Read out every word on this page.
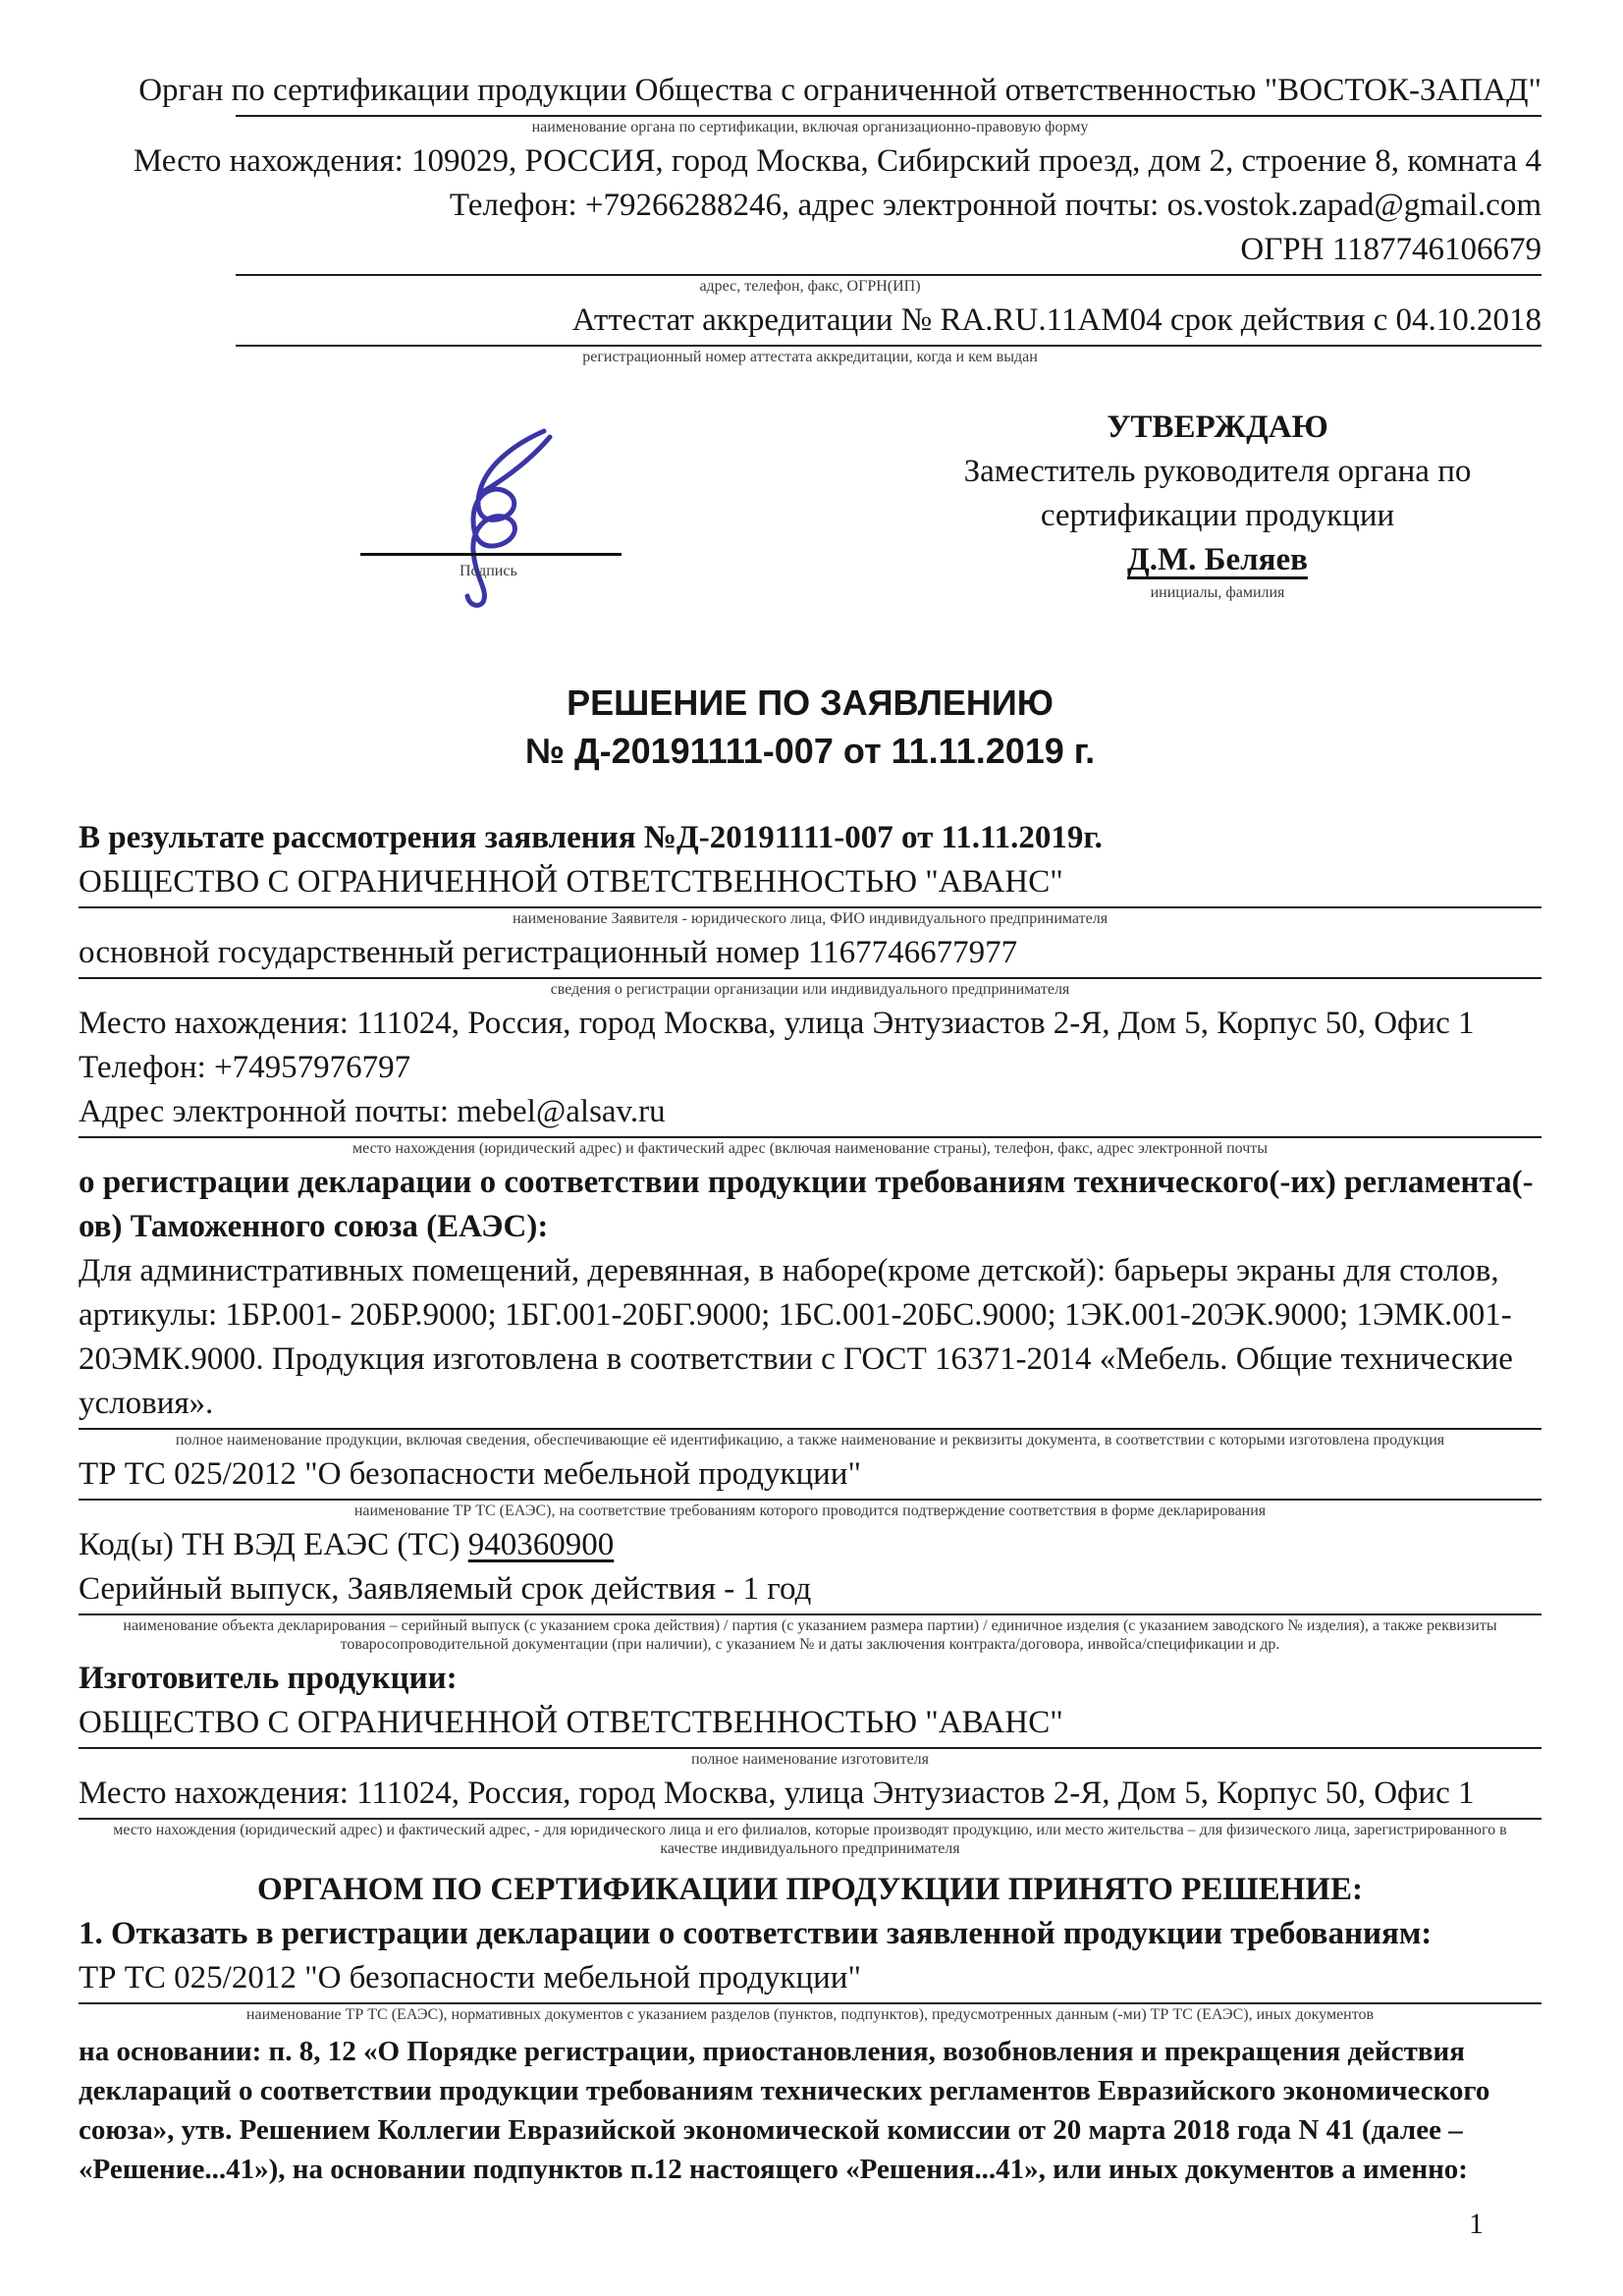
Орган по сертификации продукции Общества с ограниченной ответственностью "ВОСТОК-ЗАПАД"
наименование органа по сертификации, включая организационно-правовую форму
Место нахождения: 109029, РОССИЯ, город Москва, Сибирский проезд, дом 2, строение 8, комната 4
Телефон: +79266288246, адрес электронной почты: os.vostok.zapad@gmail.com
ОГРН 1187746106679
адрес, телефон, факс, ОГРН(ИП)
Аттестат аккредитации № RA.RU.11AM04 срок действия с 04.10.2018
регистрационный номер аттестата аккредитации, когда и кем выдан
Подпись
УТВЕРЖДАЮ
Заместитель руководителя органа по сертификации продукции
Д.М. Беляев
инициалы, фамилия
РЕШЕНИЕ ПО ЗАЯВЛЕНИЮ
№ Д-20191111-007 от 11.11.2019 г.

В результате рассмотрения заявления №Д-20191111-007 от 11.11.2019г.

ОБЩЕСТВО С ОГРАНИЧЕННОЙ ОТВЕТСТВЕННОСТЬЮ "АВАНС"

наименование Заявителя - юридического лица, ФИО индивидуального предпринимателя

основной государственный регистрационный номер 1167746677977

сведения о регистрации организации или индивидуального предпринимателя

Место нахождения: 111024, Россия, город Москва, улица Энтузиастов 2-Я, Дом 5, Корпус 50, Офис 1

Телефон: +74957976797

Адрес электронной почты: mebel@alsav.ru

место нахождения (юридический адрес) и фактический адрес (включая наименование страны), телефон, факс, адрес электронной почты

о регистрации декларации о соответствии продукции требованиям технического(-их) регламента(-ов) Таможенного союза (ЕАЭС):

Для административных помещений, деревянная, в наборе(кроме детской): барьеры экраны для столов, артикулы: 1БР.001- 20БР.9000; 1БГ.001-20БГ.9000; 1БС.001-20БС.9000; 1ЭК.001-20ЭК.9000; 1ЭМК.001-20ЭМК.9000. Продукция изготовлена в соответствии с ГОСТ 16371-2014 «Мебель. Общие технические условия».

полное наименование продукции, включая сведения, обеспечивающие её идентификацию, а также наименование и реквизиты документа, в соответствии с которыми изготовлена продукция

ТР ТС 025/2012 "О безопасности мебельной продукции"

наименование ТР ТС (ЕАЭС), на соответствие требованиям которого проводится подтверждение соответствия в форме декларирования

Код(ы) ТН ВЭД ЕАЭС (ТС) 940360900

Серийный выпуск, Заявляемый срок действия - 1 год

наименование объекта декларирования – серийный выпуск (с указанием срока действия) / партия (с указанием размера партии) / единичное изделия (с указанием заводского № изделия), а также реквизиты товаросопроводительной документации (при наличии), с указанием № и даты заключения контракта/договора, инвойса/спецификации и др.

Изготовитель продукции:

ОБЩЕСТВО С ОГРАНИЧЕННОЙ ОТВЕТСТВЕННОСТЬЮ "АВАНС"

полное наименование изготовителя

Место нахождения: 111024, Россия, город Москва, улица Энтузиастов 2-Я, Дом 5, Корпус 50, Офис 1

место нахождения (юридический адрес) и фактический адрес, - для юридического лица и его филиалов, которые производят продукцию, или место жительства – для физического лица, зарегистрированного в качестве индивидуального предпринимателя

ОРГАНОМ ПО СЕРТИФИКАЦИИ ПРОДУКЦИИ ПРИНЯТО РЕШЕНИЕ:

1. Отказать в регистрации декларации о соответствии заявленной продукции требованиям:

ТР ТС 025/2012 "О безопасности мебельной продукции"

наименование ТР ТС (ЕАЭС), нормативных документов с указанием разделов (пунктов, подпунктов), предусмотренных данным (-ми) ТР ТС (ЕАЭС), иных документов

на основании: п. 8, 12 «О Порядке регистрации, приостановления, возобновления и прекращения действия деклараций о соответствии продукции требованиям технических регламентов Евразийского экономического союза», утв. Решением Коллегии Евразийской экономической комиссии от 20 марта 2018 года N 41 (далее – «Решение...41»), на основании подпунктов п.12 настоящего «Решения...41», или иных документов а именно:

1
